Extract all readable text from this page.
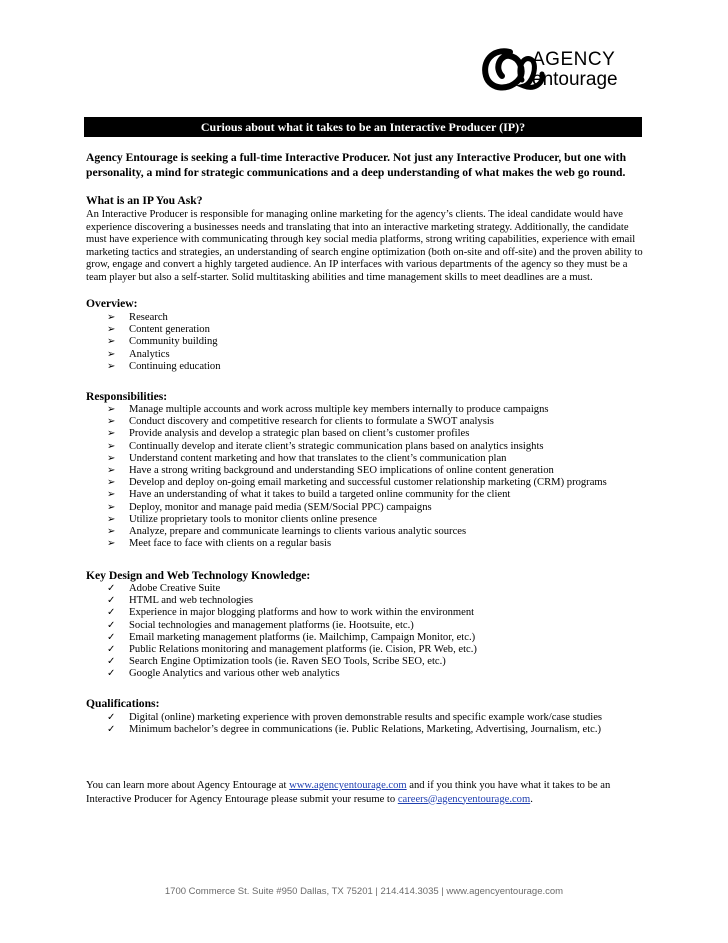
AGENCY
entourage
Curious about what it takes to be an Interactive Producer (IP)?
Agency Entourage is seeking a full-time Interactive Producer. Not just any Interactive Producer, but one with personality, a mind for strategic communications and a deep understanding of what makes the web go round.
What is an IP You Ask?
An Interactive Producer is responsible for managing online marketing for the agency’s clients. The ideal candidate would have experience discovering a businesses needs and translating that into an interactive marketing strategy. Additionally, the candidate must have experience with communicating through key social media platforms, strong writing capabilities, experience with email marketing tactics and strategies, an understanding of search engine optimization (both on-site and off-site) and the proven ability to grow, engage and convert a highly targeted audience. An IP interfaces with various departments of the agency so they must be a team player but also a self-starter. Solid multitasking abilities and time management skills to meet deadlines are a must.
Overview:
➢ Research
➢ Content generation
➢ Community building
➢ Analytics
➢ Continuing education
Responsibilities:
➢ Manage multiple accounts and work across multiple key members internally to produce campaigns
➢ Conduct discovery and competitive research for clients to formulate a SWOT analysis
➢ Provide analysis and develop a strategic plan based on client’s customer profiles
➢ Continually develop and iterate client’s strategic communication plans based on analytics insights
➢ Understand content marketing and how that translates to the client’s communication plan
➢ Have a strong writing background and understanding SEO implications of online content generation
➢ Develop and deploy on-going email marketing and successful customer relationship marketing (CRM) programs
➢ Have an understanding of what it takes to build a targeted online community for the client
➢ Deploy, monitor and manage paid media (SEM/Social PPC) campaigns
➢ Utilize proprietary tools to monitor clients online presence
➢ Analyze, prepare and communicate learnings to clients various analytic sources
➢ Meet face to face with clients on a regular basis
Key Design and Web Technology Knowledge:
✓ Adobe Creative Suite
✓ HTML and web technologies
✓ Experience in major blogging platforms and how to work within the environment
✓ Social technologies and management platforms (ie. Hootsuite, etc.)
✓ Email marketing management platforms (ie. Mailchimp, Campaign Monitor, etc.)
✓ Public Relations monitoring and management platforms (ie. Cision, PR Web, etc.)
✓ Search Engine Optimization tools (ie. Raven SEO Tools, Scribe SEO, etc.)
✓ Google Analytics and various other web analytics
Qualifications:
✓ Digital (online) marketing experience with proven demonstrable results and specific example work/case studies
✓ Minimum bachelor’s degree in communications (ie. Public Relations, Marketing, Advertising, Journalism, etc.)
You can learn more about Agency Entourage at www.agencyentourage.com and if you think you have what it takes to be an Interactive Producer for Agency Entourage please submit your resume to careers@agencyentourage.com.
1700 Commerce St. Suite #950 Dallas, TX 75201 | 214.414.3035 | www.agencyentourage.com
